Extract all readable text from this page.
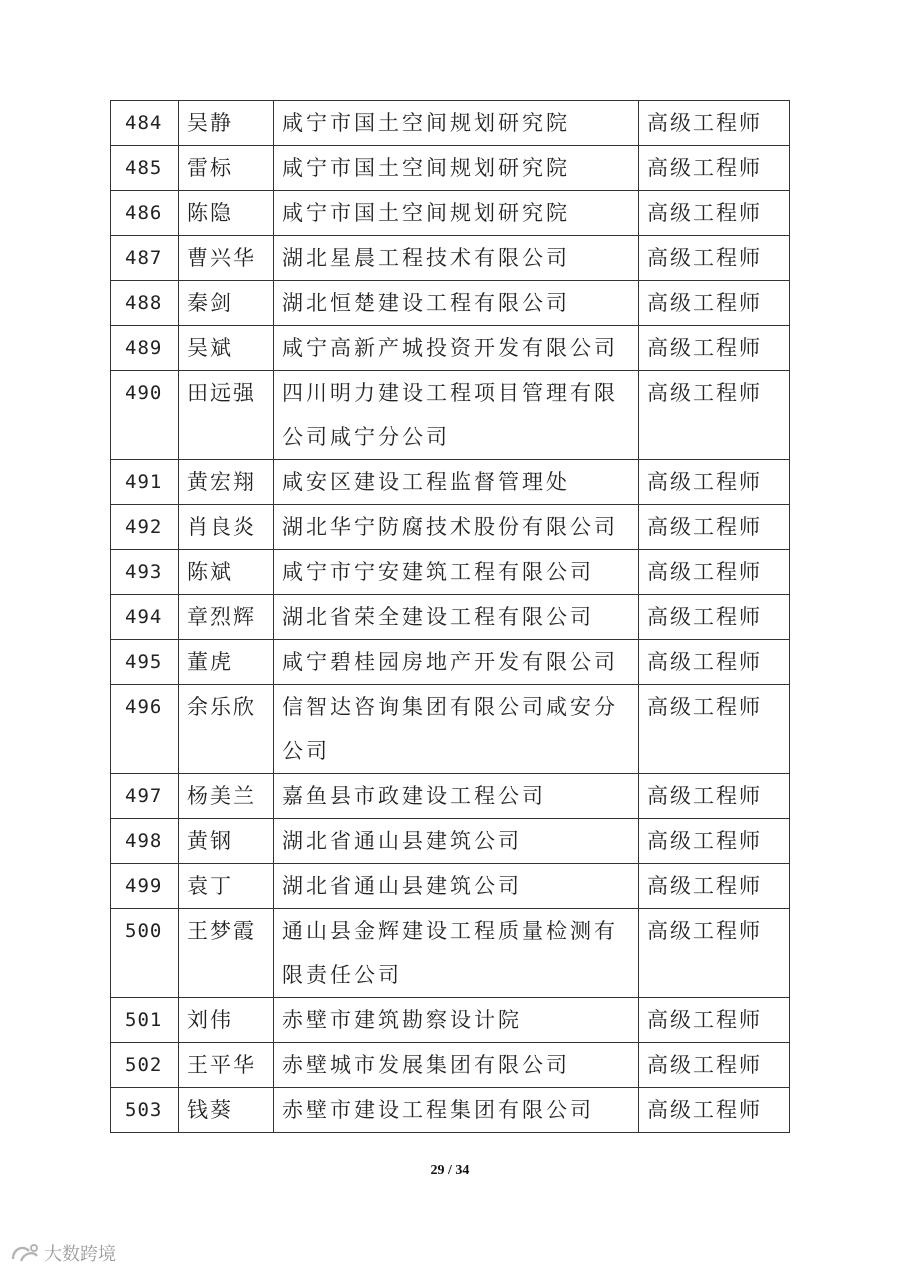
484	吴静	咸宁市国土空间规划研究院	高级工程师
485	雷标	咸宁市国土空间规划研究院	高级工程师
486	陈隐	咸宁市国土空间规划研究院	高级工程师
487	曹兴华	湖北星晨工程技术有限公司	高级工程师
488	秦剑	湖北恒楚建设工程有限公司	高级工程师
489	吴斌	咸宁高新产城投资开发有限公司	高级工程师
490	田远强	四川明力建设工程项目管理有限公司咸宁分公司	高级工程师
491	黄宏翔	咸安区建设工程监督管理处	高级工程师
492	肖良炎	湖北华宁防腐技术股份有限公司	高级工程师
493	陈斌	咸宁市宁安建筑工程有限公司	高级工程师
494	章烈辉	湖北省荣全建设工程有限公司	高级工程师
495	董虎	咸宁碧桂园房地产开发有限公司	高级工程师
496	余乐欣	信智达咨询集团有限公司咸安分公司	高级工程师
497	杨美兰	嘉鱼县市政建设工程公司	高级工程师
498	黄钢	湖北省通山县建筑公司	高级工程师
499	袁丁	湖北省通山县建筑公司	高级工程师
500	王梦霞	通山县金辉建设工程质量检测有限责任公司	高级工程师
501	刘伟	赤壁市建筑勘察设计院	高级工程师
502	王平华	赤壁城市发展集团有限公司	高级工程师
503	钱葵	赤壁市建设工程集团有限公司	高级工程师
29 / 34
大数跨境
